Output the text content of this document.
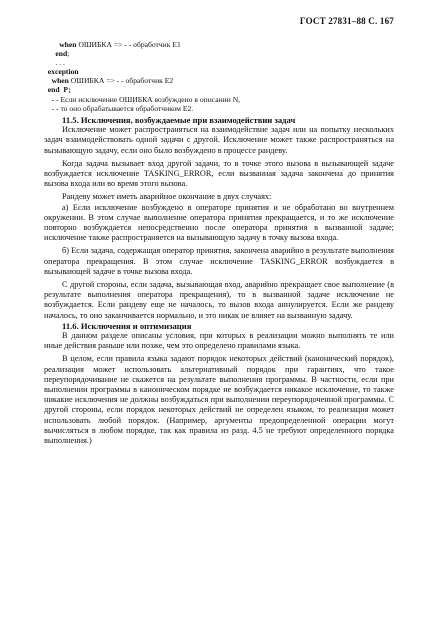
ГОСТ 27831–88 С. 167
when ОШИБКА => - - обработчик Е1
end;
. . .
exception
when ОШИБКА => - - обработчик Е2
end  Р;
- - Если исключение ОШИБКА возбуждено в описании N,
- - то оно обрабатывается обработчиком Е2.

11.5. Исключения, возбуждаемые при взаимодействии задач

Исключение может распространяться на взаимодействие задач или на попытку нескольких задач взаимодействовать одной задачи с другой. Исключение может также распространяться на вызывающую задачу, если оно было возбуждено в процессе рандеву.

Когда задача вызывает вход другой задачи, то в точке этого вызова в вызывающей задаче возбуждается исключение TASKING_ERROR, если вызванная задача закончена до принятия вызова входа или во время этого вызова.

Рандеву может иметь аварийное окончание в двух случаях:

а) Если исключение возбуждено в операторе принятия и не обработано во внутреннем окружении. В этом случае выполнение оператора принятия прекращается, и то же исключение повторно возбуждается непосредственно после оператора принятия в вызванной задаче; исключение также распространяется на вызывающую задачу в точку вызова входа.

б) Если задача, содержащая оператор принятия, закончена аварийно в результате выполнения оператора прекращения. В этом случае исключение TASKING_ERROR возбуждается в вызывающей задаче в точке вызова входа.

С другой стороны, если задача, вызывающая вход, аварийно прекращает свое выполнение (в результате выполнения оператора прекращения), то в вызванной задаче исключение не возбуждается. Если рандеву еще не началось, то вызов входа аннулируется. Если же рандеву началось, то оно заканчивается нормально, и это никак не влияет на вызванную задачу.

11.6. Исключения и оптимизация

В данном разделе описаны условия, при которых в реализации можно выполнять те или иные действия раньше или позже, чем это определено правилами языка.

В целом, если правила языка задают порядок некоторых действий (канонический порядок), реализация может использовать альтернативный порядок при гарантиях, что такое переупорядочивание не скажется на результате выполнения программы. В частности, если при выполнении программы в каноническом порядке не возбуждается никакое исключение, то также никакие исключения не должны возбуждаться при выполнении переупорядоченной программы. С другой стороны, если порядок некоторых действий не определен языком, то реализация может использовать любой порядок. (Например, аргументы предопределенной операции могут вычисляться в любом порядке, так как правила из разд. 4.5 не требуют определенного порядка выполнения.)
